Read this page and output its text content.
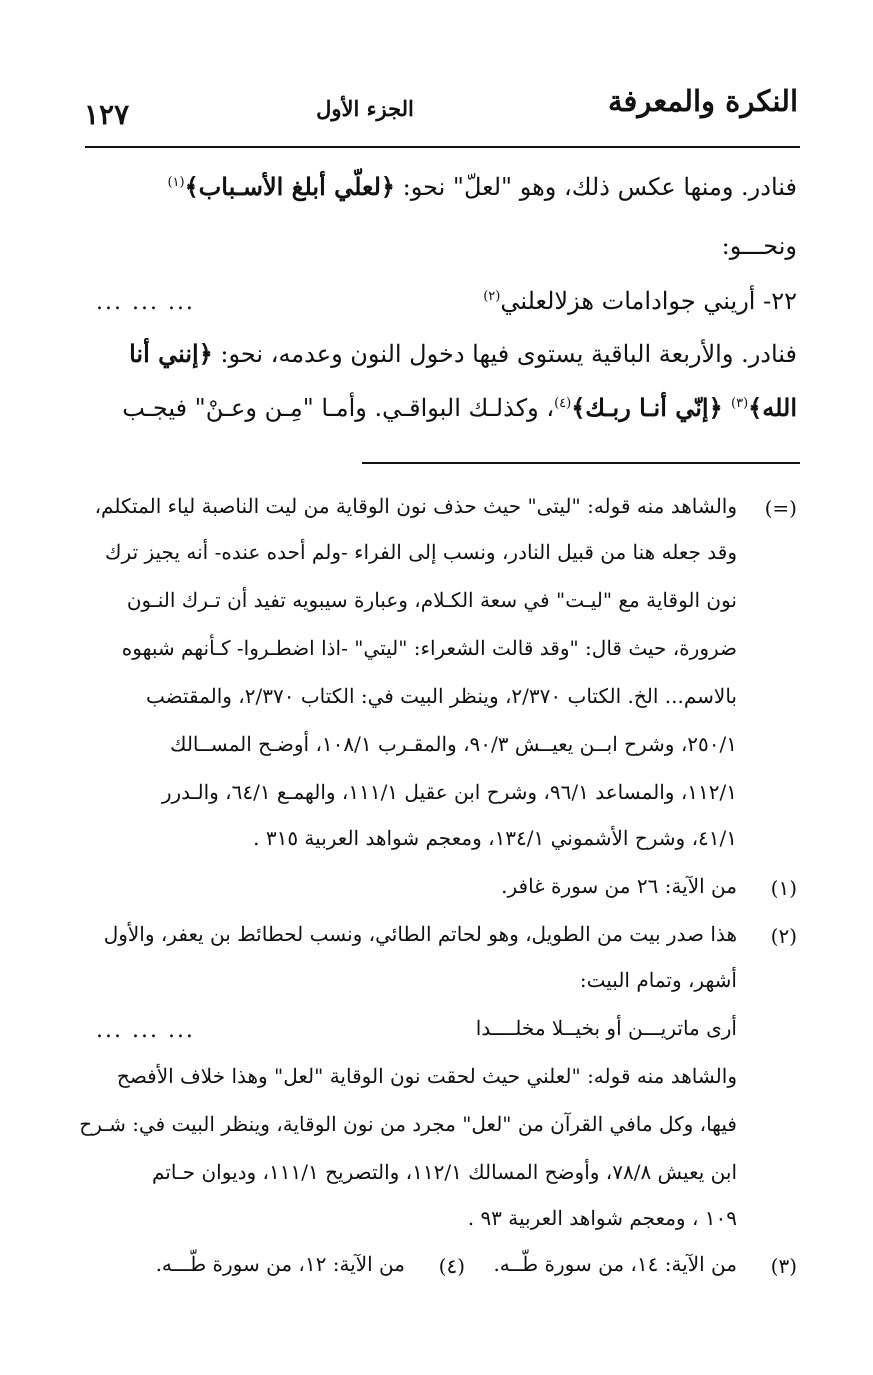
النكرة والمعرفة
الجزء الأول
١٢٧
فنادر. ومنها عكس ذلك، وهو "لعلّ" نحو: ﴿لعلّي أبلغ الأسـباب﴾$^{(١)}$
ونحـــو:
٢٢- أريني جوادامات هزلالعلني$^{(٢)}$
... ... ...
فنادر. والأربعة الباقية يستوى فيها دخول النون وعدمه، نحو: ﴿إنني أنا
الله﴾$^{(٣)}$ ﴿إنّي أنـا ربـك﴾$^{(٤)}$، وكذلـك البواقـي. وأمـا "مِـن وعـنْ" فيجـب
(=)
والشاهد منه قوله: "ليتى" حيث حذف نون الوقاية من ليت الناصبة لياء المتكلم،
وقد جعله هنا من قبيل النادر، ونسب إلى الفراء -ولم أحده عنده- أنه يجيز ترك
نون الوقاية مع "ليـت" في سعة الكـلام، وعبارة سيبويه تفيد أن تـرك النـون
ضرورة، حيث قال: "وقد قالت الشعراء: "ليتي" -اذا اضطـروا- كـأنهم شبهوه
بالاسم... الخ. الكتاب ٢/٣٧٠، وينظر البيت في: الكتاب ٢/٣٧٠، والمقتضب
٢٥٠/١، وشرح ابــن يعيــش ٩٠/٣، والمقـرب ١٠٨/١، أوضـح المســالك
١١٢/١، والمساعد ٩٦/١، وشرح ابن عقيل ١١١/١، والهمـع ٦٤/١، والـدرر
٤١/١، وشرح الأشموني ١٣٤/١، ومعجم شواهد العربية ٣١٥ .
(١)
من الآية: ٢٦ من سورة غافر.
(٢)
هذا صدر بيت من الطويل، وهو لحاتم الطائي، ونسب لحطائط بن يعفر، والأول
أشهر، وتمام البيت:
أرى ماتريـــن أو بخيــلا مخلــــدا
... ... ...
والشاهد منه قوله: "لعلني حيث لحقت نون الوقاية "لعل" وهذا خلاف الأفصح
فيها، وكل مافي القرآن من "لعل" مجرد من نون الوقاية، وينظر البيت في: شـرح
ابن يعيش ٧٨/٨، وأوضح المسالك ١١٢/١، والتصريح ١١١/١، وديوان حـاتم
١٠٩ ، ومعجم شواهد العربية ٩٣ .
(٣)
من الآية: ١٤، من سورة طّــه.
(٤)
من الآية: ١٢، من سورة طّـــه.
